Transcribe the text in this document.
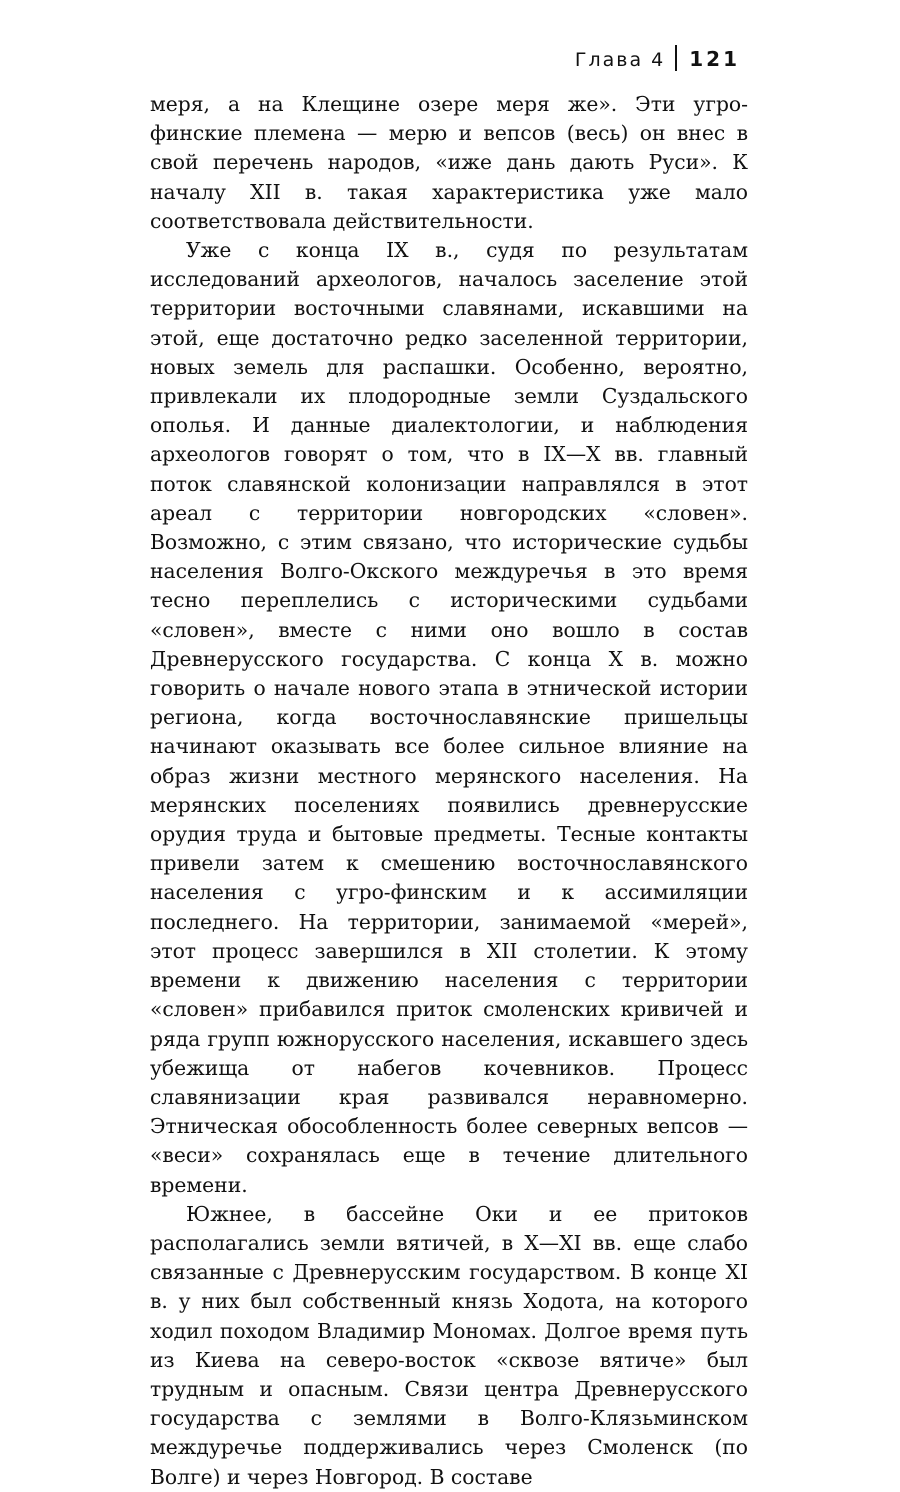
Глава 4 121

меря, а на Клещине озере меря же». Эти угро-финские племена — мерю и вепсов (весь) он внес в свой перечень народов, «иже дань дають Руси». К началу XII в. такая характеристика уже мало соответствовала действительности.

Уже с конца IX в., судя по результатам исследований археологов, началось заселение этой территории восточными славянами, искавшими на этой, еще достаточно редко заселенной территории, новых земель для распашки. Особенно, вероятно, привлекали их плодородные земли Суздальского ополья. И данные диалектологии, и наблюдения археологов говорят о том, что в IX—X вв. главный поток славянской колонизации направлялся в этот ареал с территории новгородских «словен». Возможно, с этим связано, что исторические судьбы населения Волго-Окского междуречья в это время тесно переплелись с историческими судьбами «словен», вместе с ними оно вошло в состав Древнерусского государства. С конца X в. можно говорить о начале нового этапа в этнической истории региона, когда восточнославянские пришельцы начинают оказывать все более сильное влияние на образ жизни местного мерянского населения. На мерянских поселениях появились древнерусские орудия труда и бытовые предметы. Тесные контакты привели затем к смешению восточнославянского населения с угро-финским и к ассимиляции последнего. На территории, занимаемой «мерей», этот процесс завершился в XII столетии. К этому времени к движению населения с территории «словен» прибавился приток смоленских кривичей и ряда групп южнорусского населения, искавшего здесь убежища от набегов кочевников. Процесс славянизации края развивался неравномерно. Этническая обособленность более северных вепсов — «веси» сохранялась еще в течение длительного времени.

Южнее, в бассейне Оки и ее притоков располагались земли вятичей, в X—XI вв. еще слабо связанные с Древнерусским государством. В конце XI в. у них был собственный князь Ходота, на которого ходил походом Владимир Мономах. Долгое время путь из Киева на северо-восток «сквозе вятиче» был трудным и опасным. Связи центра Древнерусского государства с землями в Волго-Клязьминском междуречье поддерживались через Смоленск (по Волге) и через Новгород. В составе
